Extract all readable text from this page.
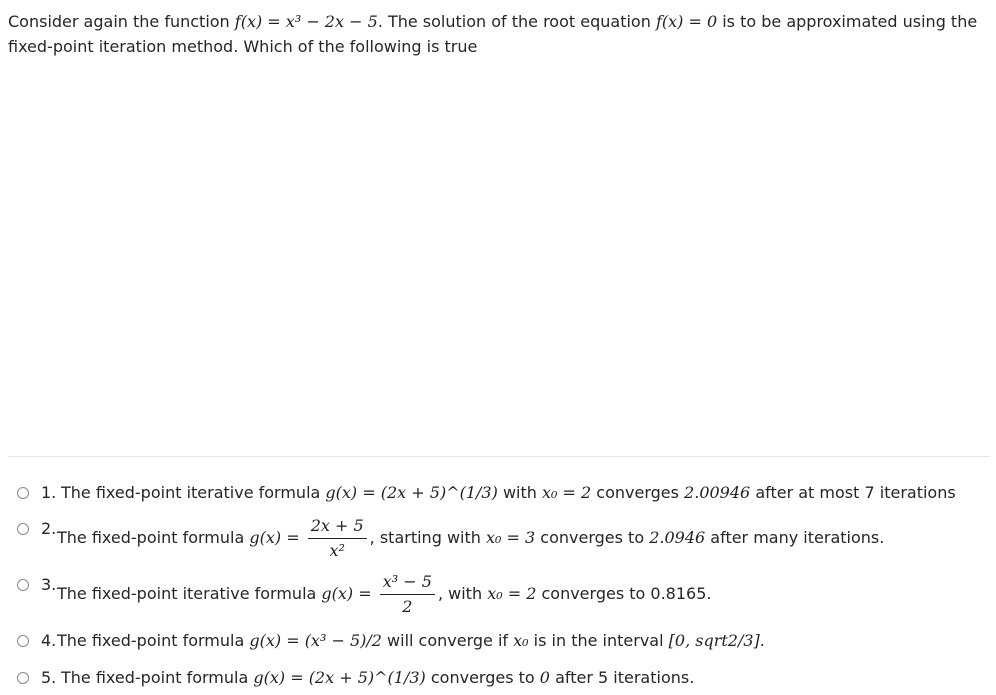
Consider again the function f(x) = x³ − 2x − 5. The solution of the root equation f(x) = 0 is to be approximated using the fixed-point iteration method. Which of the following is true
1. The fixed-point iterative formula g(x) = (2x + 5)^(1/3) with x₀ = 2 converges 2.00946 after at most 7 iterations
2. The fixed-point formula $g(x) = \frac{2x + 5}{\text{x²}}$ , starting with x₀ = 3 converges to 2.0946 after many iterations.
3. The fixed-point iterative formula $g(x) = \frac{\text{x³ − 5}}{2}$ , with x₀ = 2 converges to 0.8165.
4. The fixed-point formula g(x) = (x³ − 5)/2 will converge if x₀ is in the interval [0, sqrt2/3].
5. The fixed-point formula g(x) = (2x + 5)^(1/3) converges to 0 after 5 iterations.
